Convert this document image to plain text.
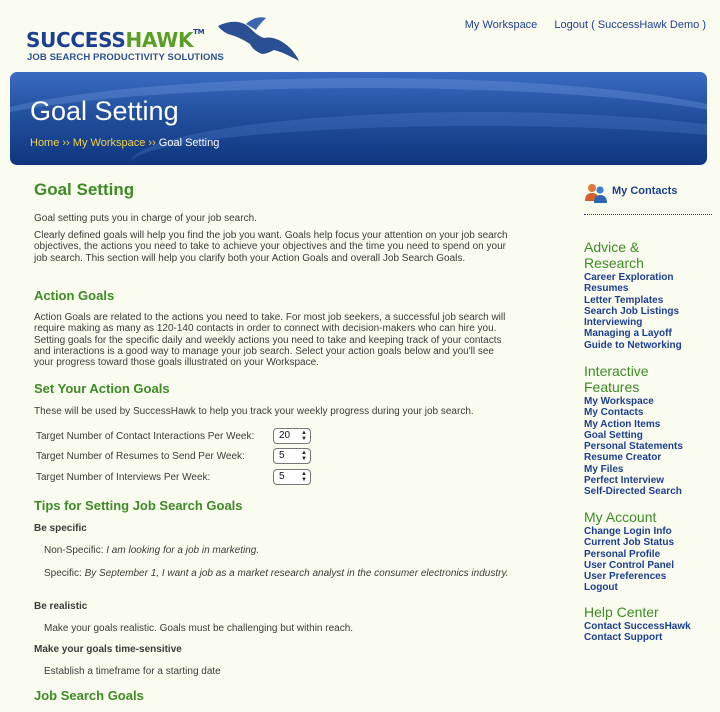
SUCCESSHAWK™
JOB SEARCH PRODUCTIVITY SOLUTIONS
My Workspace Logout ( SuccessHawk Demo )
Goal Setting
Home ›› My Workspace ›› Goal Setting
Goal Setting
Goal setting puts you in charge of your job search.
Clearly defined goals will help you find the job you want. Goals help focus your attention on your job search objectives, the actions you need to take to achieve your objectives and the time you need to spend on your job search. This section will help you clarify both your Action Goals and overall Job Search Goals.
Action Goals
Action Goals are related to the actions you need to take. For most job seekers, a successful job search will require making as many as 120-140 contacts in order to connect with decision-makers who can hire you. Setting goals for the specific daily and weekly actions you need to take and keeping track of your contacts and interactions is a good way to manage your job search. Select your action goals below and you'll see your progress toward those goals illustrated on your Workspace.
Set Your Action Goals
These will be used by SuccessHawk to help you track your weekly progress during your job search.
Target Number of Contact Interactions Per Week:	20 ▲
▼
Target Number of Resumes to Send Per Week:	5	▲
▼
Target Number of Interviews Per Week:	5	▲
▼
Tips for Setting Job Search Goals
Be specific
Non-Specific: I am looking for a job in marketing.
Specific: By September 1, I want a job as a market research analyst in the consumer electronics industry.
Be realistic
Make your goals realistic. Goals must be challenging but within reach.
Make your goals time-sensitive
Establish a timeframe for a starting date
Job Search Goals
My Contacts
Advice &
Research
Career Exploration
Resumes
Letter Templates
Search Job Listings
Interviewing
Managing a Layoff
Guide to Networking
Interactive
Features
My Workspace
My Contacts
My Action Items
Goal Setting
Personal Statements
Resume Creator
My Files
Perfect Interview
Self-Directed Search
My Account
Change Login Info
Current Job Status
Personal Profile
User Control Panel
User Preferences
Logout
Help Center
Contact SuccessHawk
Contact Support
